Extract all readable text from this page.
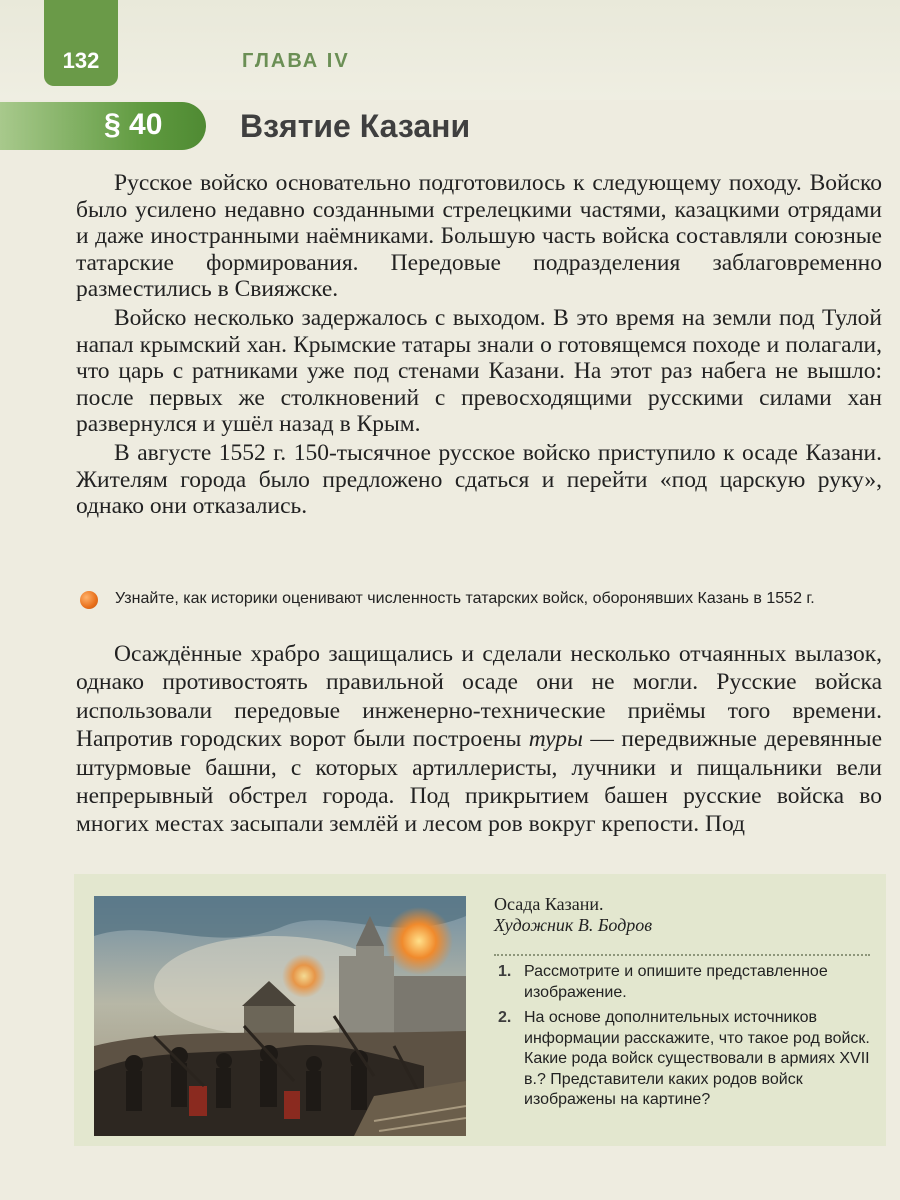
132	ГЛАВА IV
§ 40 Взятие Казани

Русское войско основательно подготовилось к следующему походу. Войско было усилено недавно созданными стрелецкими частями, казацкими отрядами и даже иностранными наёмниками. Большую часть войска составляли союзные татарские формирования. Передовые подразделения заблаговременно разместились в Свияжске.

Войско несколько задержалось с выходом. В это время на земли под Тулой напал крымский хан. Крымские татары знали о готовящемся походе и полагали, что царь с ратниками уже под стенами Казани. На этот раз набега не вышло: после первых же столкновений с превосходящими русскими силами хан развернулся и ушёл назад в Крым.

В августе 1552 г. 150-тысячное русское войско приступило к осаде Казани. Жителям города было предложено сдаться и перейти «под царскую руку», однако они отказались.

Узнайте, как историки оценивают численность татарских войск, оборонявших Казань в 1552 г.

Осаждённые храбро защищались и сделали несколько отчаянных вылазок, однако противостоять правильной осаде они не могли. Русские войска использовали передовые инженерно-технические приёмы того времени. Напротив городских ворот были построены туры — передвижные деревянные штурмовые башни, с которых артиллеристы, лучники и пищальники вели непрерывный обстрел города. Под прикрытием башен русские войска во многих местах засыпали землёй и лесом ров вокруг крепости. Под

Осада Казани.
Художник В. Бодров
1. Рассмотрите и опишите представленное изображение.
2. На основе дополнительных источников информации расскажите, что такое род войск. Какие рода войск существовали в армиях XVII в.? Представители каких родов войск изображены на картине?
